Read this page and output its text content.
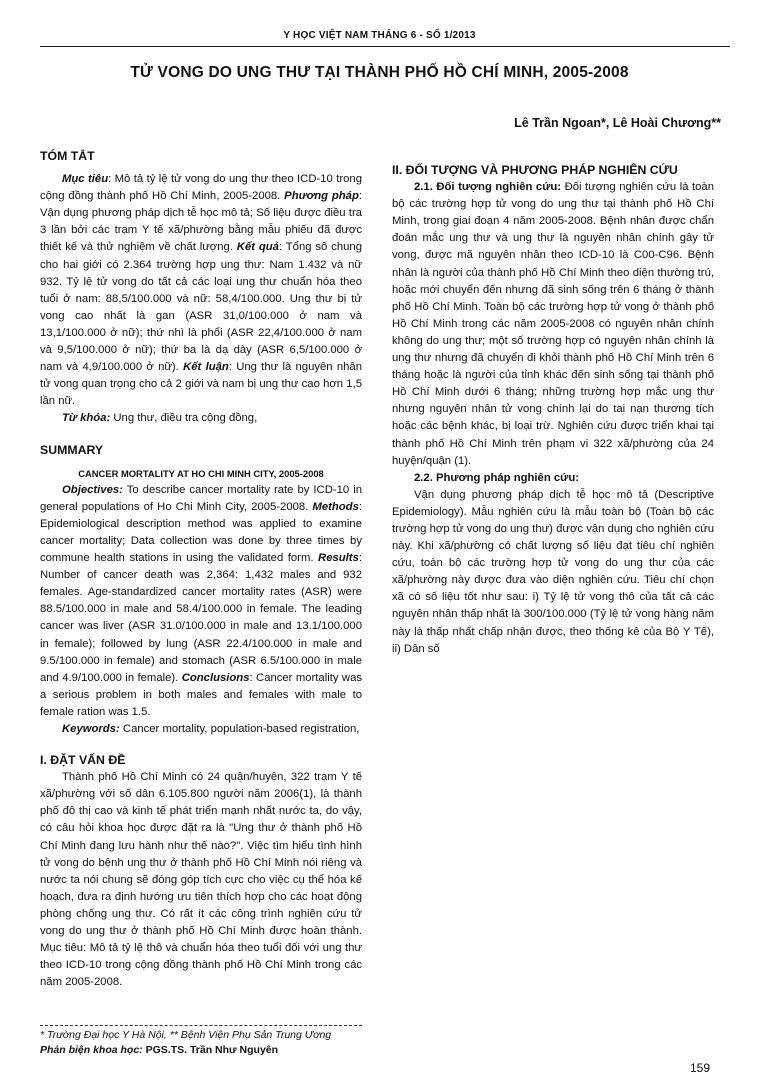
Y HỌC VIỆT NAM THÁNG 6 - SỐ 1/2013
TỬ VONG DO UNG THƯ TẠI THÀNH PHỐ HỒ CHÍ MINH, 2005-2008
Lê Trần Ngoan*, Lê Hoài Chương**

TÓM TẮT

Mục tiêu: Mô tả tỷ lệ tử vong do ung thư theo ICD-10 trong cộng đồng thành phố Hồ Chí Minh, 2005-2008. Phương pháp: Vận dụng phương pháp dịch tễ học mô tả; Số liệu được điều tra 3 lần bởi các trạm Y tế xã/phường bằng mẫu phiếu đã được thiết kế và thử nghiệm về chất lượng. Kết quả: Tổng số chung cho hai giới có 2.364 trường hợp ung thư: Nam 1.432 và nữ 932. Tỷ lệ tử vong do tất cả các loại ung thư chuẩn hóa theo tuổi ở nam: 88,5/100.000 và nữ: 58,4/100.000. Ung thư bị tử vong cao nhất là gan (ASR 31,0/100.000 ở nam và 13,1/100.000 ở nữ); thứ nhì là phổi (ASR 22,4/100.000 ở nam và 9,5/100.000 ở nữ); thứ ba là dạ dày (ASR 6,5/100.000 ở nam và 4,9/100.000 ở nữ). Kết luận: Ung thư là nguyên nhân tử vong quan trọng cho cả 2 giới và nam bị ung thư cao hơn 1,5 lần nữ.

Từ khóa: Ung thư, điều tra cộng đồng,

SUMMARY

CANCER MORTALITY AT HO CHI MINH CITY, 2005-2008

Objectives: To describe cancer mortality rate by ICD-10 in general populations of Ho Chi Minh City, 2005-2008. Methods: Epidemiological description method was applied to examine cancer mortality; Data collection was done by three times by commune health stations in using the validated form. Results: Number of cancer death was 2,364: 1,432 males and 932 females. Age-standardized cancer mortality rates (ASR) were 88.5/100.000 in male and 58.4/100.000 in female. The leading cancer was liver (ASR 31.0/100.000 in male and 13.1/100.000 in female); followed by lung (ASR 22.4/100.000 in male and 9.5/100.000 in female) and stomach (ASR 6.5/100.000 in male and 4.9/100.000 in female). Conclusions: Cancer mortality was a serious problem in both males and females with male to female ration was 1.5.

Keywords: Cancer mortality, population-based registration,

I. ĐẶT VẤN ĐỀ

Thành phố Hồ Chí Minh có 24 quận/huyện, 322 trạm Y tế xã/phường với số dân 6.105.800 người năm 2006(1), là thành phố đô thị cao và kinh tế phát triển mạnh nhất nước ta, do vậy, có câu hỏi khoa học được đặt ra là "Ung thư ở thành phố Hồ Chí Minh đang lưu hành như thế nào?". Việc tìm hiểu tình hình tử vong do bệnh ung thư ở thành phố Hồ Chí Minh nói riêng và nước ta nói chung sẽ đóng góp tích cực cho việc cụ thể hóa kế hoạch, đưa ra định hướng ưu tiên thích hợp cho các hoạt động phòng chống ung thư. Có rất ít các công trình nghiên cứu tử vong do ung thư ở thành phố Hồ Chí Minh được hoàn thành. Mục tiêu: Mô tả tỷ lệ thô và chuẩn hóa theo tuổi đối với ung thư theo ICD-10 trong cộng đồng thành phố Hồ Chí Minh trong các năm 2005-2008.

II. ĐỐI TƯỢNG VÀ PHƯƠNG PHÁP NGHIÊN CỨU

2.1. Đối tượng nghiên cứu: Đối tượng nghiên cứu là toàn bộ các trường hợp tử vong do ung thư tại thành phố Hồ Chí Minh, trong giai đoạn 4 năm 2005-2008. Bệnh nhân được chẩn đoán mắc ung thư và ung thư là nguyên nhân chính gây tử vong, được mã nguyên nhân theo ICD-10 là C00-C96. Bệnh nhân là người của thành phố Hồ Chí Minh theo diện thường trú, hoặc mới chuyển đến nhưng đã sinh sống trên 6 tháng ở thành phố Hồ Chí Minh. Toàn bộ các trường hợp tử vong ở thành phố Hồ Chí Minh trong các năm 2005-2008 có nguyên nhân chính không do ung thư; một số trường hợp có nguyên nhân chính là ung thư nhưng đã chuyển đi khỏi thành phố Hồ Chí Minh trên 6 tháng hoặc là người của tỉnh khác đến sinh sống tại thành phố Hồ Chí Minh dưới 6 tháng; những trường hợp mắc ung thư nhưng nguyên nhân tử vong chính lại do tai nạn thương tích hoặc các bệnh khác, bị loại trừ. Nghiên cứu được triển khai tại thành phố Hồ Chí Minh trên phạm vi 322 xã/phường của 24 huyện/quận (1).

2.2. Phương pháp nghiên cứu:

Vận dụng phương pháp dịch tễ học mô tả (Descriptive Epidemiology). Mẫu nghiên cứu là mẫu toàn bộ (Toàn bộ các trường hợp tử vong do ung thư) được vận dụng cho nghiên cứu này. Khi xã/phường có chất lượng số liệu đạt tiêu chí nghiên cứu, toàn bộ các trường hợp tử vong do ung thư của các xã/phường này được đưa vào diện nghiên cứu. Tiêu chí chọn xã có số liệu tốt như sau: i) Tỷ lệ tử vong thô của tất cả các nguyên nhân thấp nhất là 300/100.000 (Tỷ lệ tử vong hàng năm này là thấp nhất chấp nhận được, theo thống kê của Bộ Y Tế), ii) Dân số

* Trường Đại học Y Hà Nội, ** Bệnh Viện Phụ Sản Trung Ương

Phản biện khoa học: PGS.TS. Trần Như Nguyên

159
